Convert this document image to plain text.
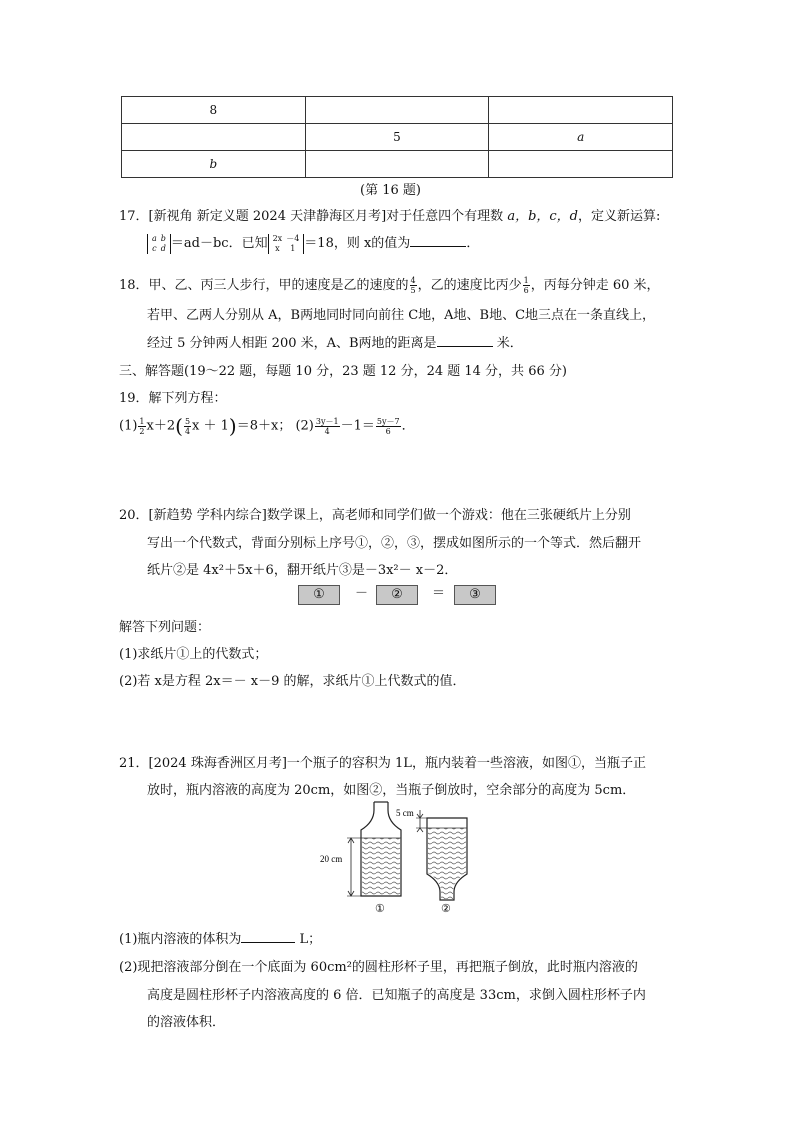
8		
	5	a
b		
(第 16 题)
17．[新视角 新定义题 2024 天津静海区月考]对于任意四个有理数 a，b，c，d，定义新运算:
a
c
b
d ＝ad－bc．已知 2x
x
－4
1 ＝18，则 x的值为	．
18．甲、乙、丙三人步行，甲的速度是乙的速度的 $\frac{4}{5}$ ，乙的速度比丙少 $\frac{1}{6}$ ，丙每分钟走 60 米，
若甲、乙两人分别从 A，B两地同时同向前往 C地，A地、B地、C地三点在一条直线上，
经过 5 分钟两人相距 200 米，A、B两地的距离是	米．
三、解答题(19～22 题，每题 10 分，23 题 12 分，24 题 14 分，共 66 分)
19．解下列方程：
$(1) \frac{1}{2} x+2( \frac{5}{4}$ x ＋ 1)＝8＋x； $(2) \frac{3y-1}{4} -1= \frac{5y-7}{6}$ ．
20．[新趋势 学科内综合]数学课上，高老师和同学们做一个游戏：他在三张硬纸片上分别
写出一个代数式，背面分别标上序号①，②，③，摆成如图所示的一个等式．然后翻开
纸片②是 4x²＋5x＋6，翻开纸片③是－3x²－ x－2．
①	－	②	＝	③
解答下列问题：
(1)求纸片①上的代数式；
(2)若 x是方程 2x＝－ x－9 的解，求纸片①上代数式的值．
21．[2024 珠海香洲区月考]一个瓶子的容积为 1L，瓶内装着一些溶液，如图①，当瓶子正
放时，瓶内溶液的高度为 20cm，如图②，当瓶子倒放时，空余部分的高度为 5cm．
20 cm
①
5 cm
②
(1)瓶内溶液的体积为	L；
(2)现把溶液部分倒在一个底面为 60cm²的圆柱形杯子里，再把瓶子倒放，此时瓶内溶液的
高度是圆柱形杯子内溶液高度的 6 倍．已知瓶子的高度是 33cm，求倒入圆柱形杯子内
的溶液体积．
